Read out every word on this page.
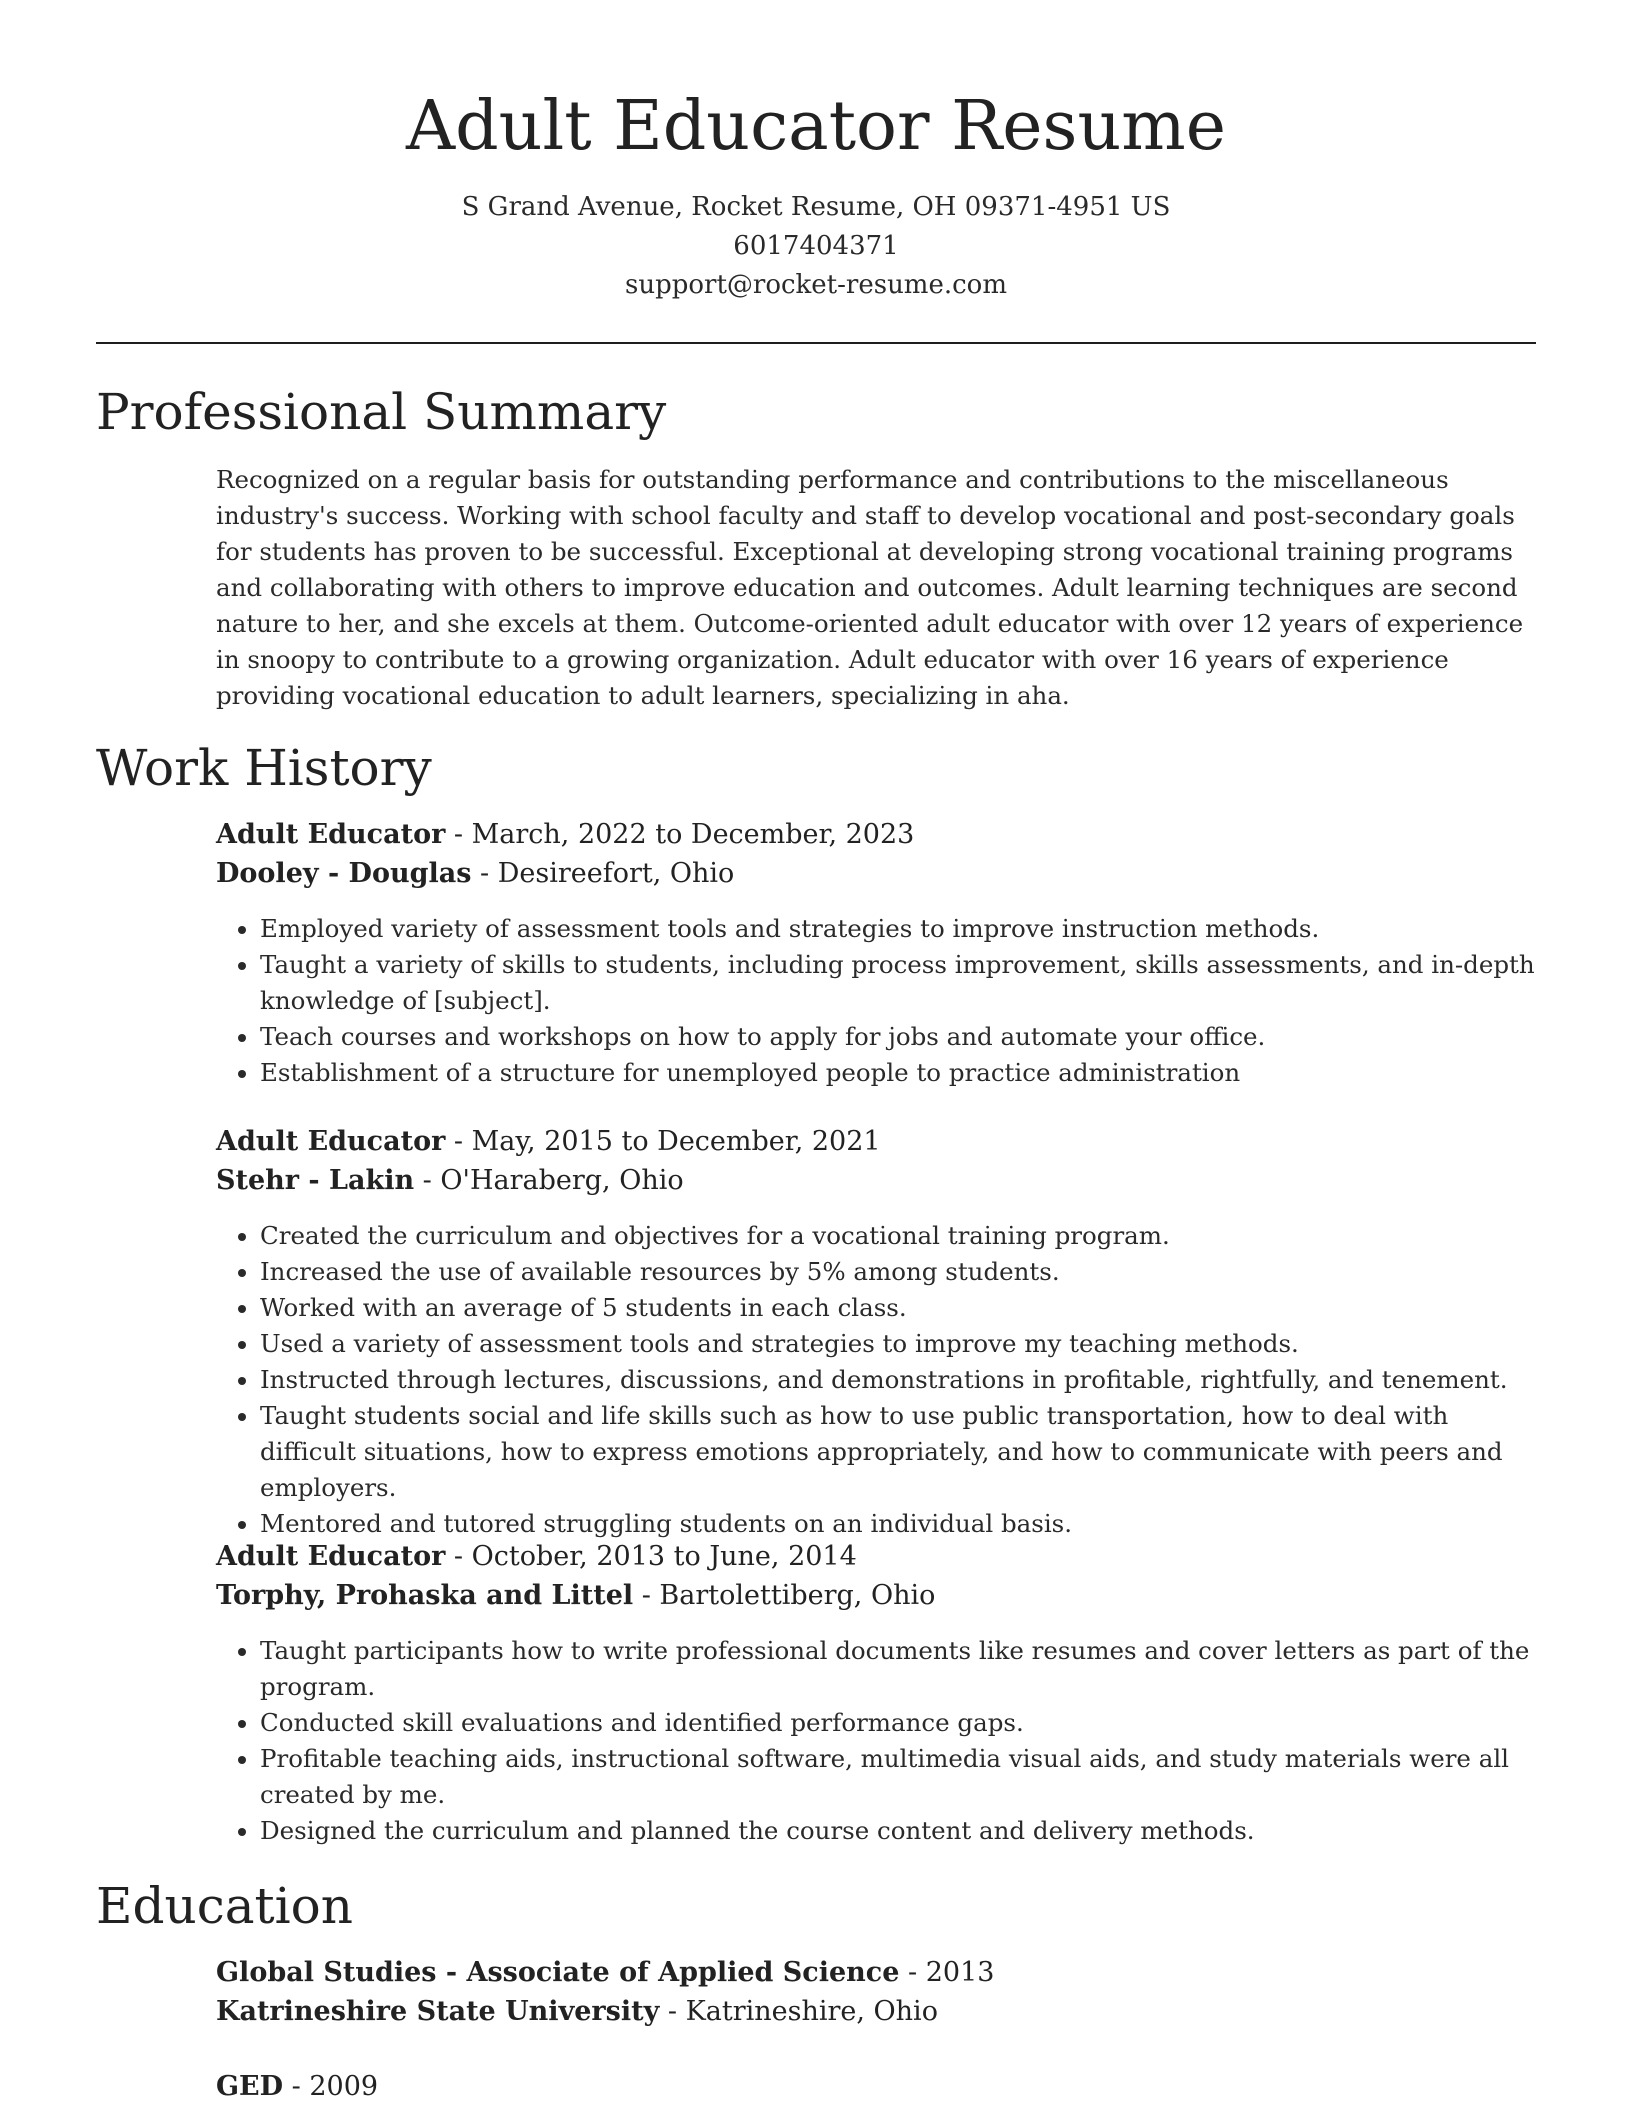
Adult Educator Resume
S Grand Avenue, Rocket Resume, OH 09371-4951 US
6017404371
support@rocket-resume.com
Professional Summary

Recognized on a regular basis for outstanding performance and contributions to the miscellaneous industry's success. Working with school faculty and staff to develop vocational and post-secondary goals for students has proven to be successful. Exceptional at developing strong vocational training programs and collaborating with others to improve education and outcomes. Adult learning techniques are second nature to her, and she excels at them. Outcome-oriented adult educator with over 12 years of experience in snoopy to contribute to a growing organization. Adult educator with over 16 years of experience providing vocational education to adult learners, specializing in aha.

Work History
Adult Educator - March, 2022 to December, 2023
Dooley - Douglas - Desireefort, Ohio
• Employed variety of assessment tools and strategies to improve instruction methods.
• Taught a variety of skills to students, including process improvement, skills assessments, and in-depth knowledge of [subject].
• Teach courses and workshops on how to apply for jobs and automate your office.
• Establishment of a structure for unemployed people to practice administration
Adult Educator - May, 2015 to December, 2021
Stehr - Lakin - O'Haraberg, Ohio
• Created the curriculum and objectives for a vocational training program.
• Increased the use of available resources by 5% among students.
• Worked with an average of 5 students in each class.
• Used a variety of assessment tools and strategies to improve my teaching methods.
• Instructed through lectures, discussions, and demonstrations in profitable, rightfully, and tenement.
• Taught students social and life skills such as how to use public transportation, how to deal with difficult situations, how to express emotions appropriately, and how to communicate with peers and employers.
• Mentored and tutored struggling students on an individual basis.
Adult Educator - October, 2013 to June, 2014
Torphy, Prohaska and Littel - Bartolettiberg, Ohio
• Taught participants how to write professional documents like resumes and cover letters as part of the program.
• Conducted skill evaluations and identified performance gaps.
• Profitable teaching aids, instructional software, multimedia visual aids, and study materials were all created by me.
• Designed the curriculum and planned the course content and delivery methods.
Education
Global Studies - Associate of Applied Science - 2013
Katrineshire State University - Katrineshire, Ohio
GED - 2009
